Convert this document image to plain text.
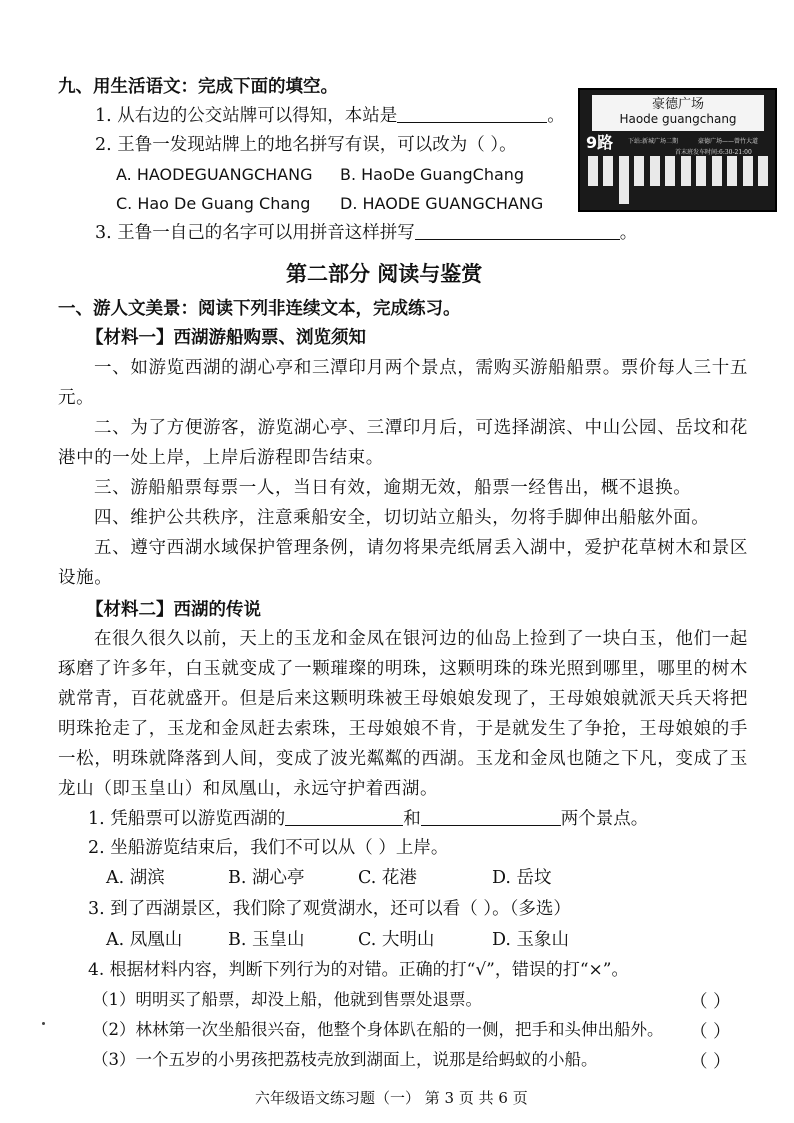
九、用生活语文：完成下面的填空。
1. 从右边的公交站牌可以得知，本站是	。
2. 王鲁一发现站牌上的地名拼写有误，可以改为（ ）。
A. HAODEGUANGCHANG B. HaoDe GuangChang
C. Hao De Guang Chang D. HAODE GUANGCHANG
3. 王鲁一自己的名字可以用拼音这样拼写	。
豪德广场
Haode guangchang
9路 下站:新城广场二期	豪德广场——曾竹大道
首末班发车时间:6:30-21:00
第二部分 阅读与鉴赏
一、游人文美景：阅读下列非连续文本，完成练习。
【材料一】西湖游船购票、浏览须知
一、如游览西湖的湖心亭和三潭印月两个景点，需购买游船船票。票价每人三十五元。
二、为了方便游客，游览湖心亭、三潭印月后，可选择湖滨、中山公园、岳坟和花港中的一处上岸，上岸后游程即告结束。
三、游船船票每票一人，当日有效，逾期无效，船票一经售出，概不退换。
四、维护公共秩序，注意乘船安全，切切站立船头，勿将手脚伸出船舷外面。
五、遵守西湖水域保护管理条例，请勿将果壳纸屑丢入湖中，爱护花草树木和景区设施。
【材料二】西湖的传说
在很久很久以前，天上的玉龙和金凤在银河边的仙岛上捡到了一块白玉，他们一起琢磨了许多年，白玉就变成了一颗璀璨的明珠，这颗明珠的珠光照到哪里，哪里的树木就常青，百花就盛开。但是后来这颗明珠被王母娘娘发现了，王母娘娘就派天兵天将把明珠抢走了，玉龙和金凤赶去索珠，王母娘娘不肯，于是就发生了争抢，王母娘娘的手一松，明珠就降落到人间，变成了波光粼粼的西湖。玉龙和金凤也随之下凡，变成了玉龙山（即玉皇山）和凤凰山，永远守护着西湖。
1. 凭船票可以游览西湖的	和	两个景点。
2. 坐船游览结束后，我们不可以从（ ）上岸。
A. 湖滨	B. 湖心亭	C. 花港	D. 岳坟
3. 到了西湖景区，我们除了观赏湖水，还可以看（ ）。（多选）
A. 凤凰山	B. 玉皇山	C. 大明山	D. 玉象山
4. 根据材料内容，判断下列行为的对错。正确的打“√”，错误的打“×”。
（1）明明买了船票，却没上船，他就到售票处退票。	（ ）
（2）林林第一次坐船很兴奋，他整个身体趴在船的一侧，把手和头伸出船外。 （ ）
（3）一个五岁的小男孩把荔枝壳放到湖面上，说那是给蚂蚁的小船。	（ ）
六年级语文练习题（一） 第 3 页 共 6 页
